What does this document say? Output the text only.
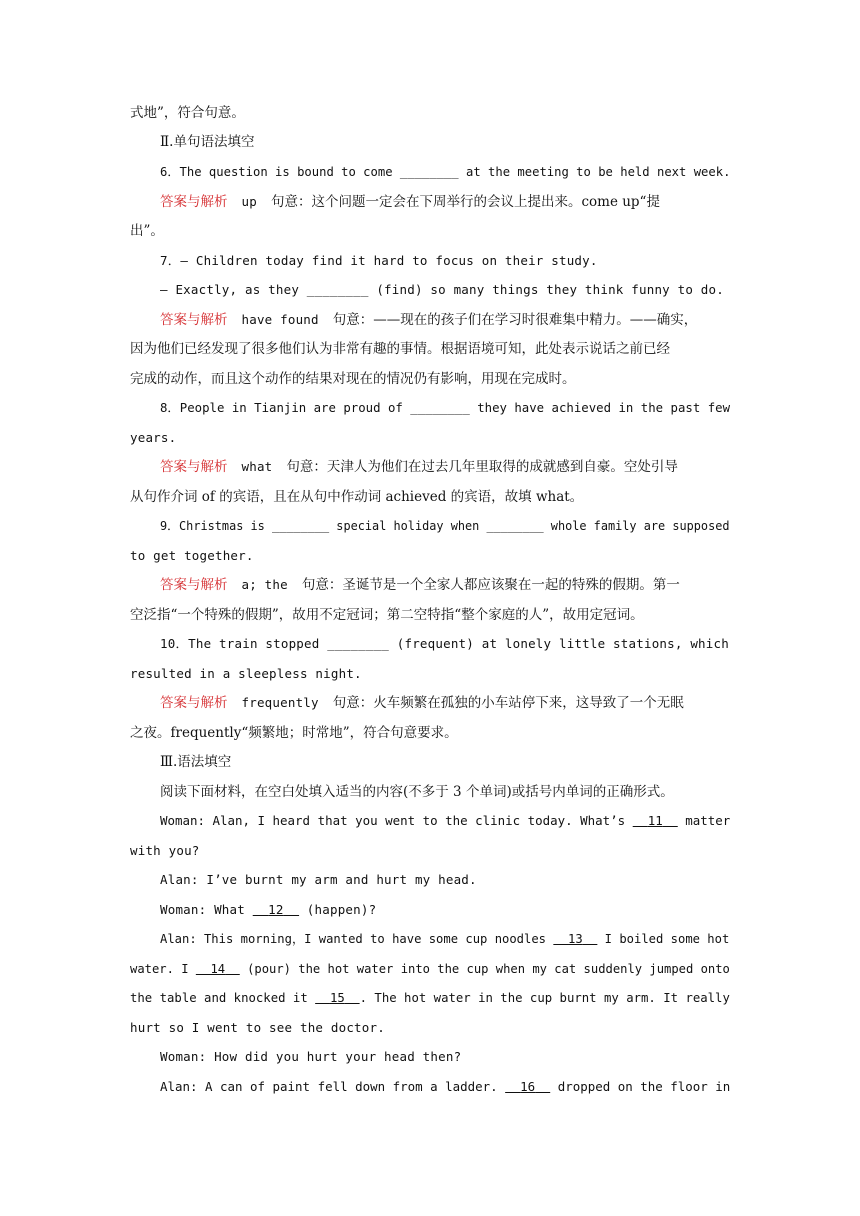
式地”，符合句意。
Ⅱ.单句语法填空
6．The question is bound to come ________ at the meeting to be held next week.
答案与解析 up 句意：这个问题一定会在下周举行的会议上提出来。come up“提
出”。
7．— Children today find it hard to focus on their study.
— Exactly, as they ________ (find) so many things they think funny to do.
答案与解析 have found 句意：——现在的孩子们在学习时很难集中精力。——确实，
因为他们已经发现了很多他们认为非常有趣的事情。根据语境可知，此处表示说话之前已经
完成的动作，而且这个动作的结果对现在的情况仍有影响，用现在完成时。
8．People in Tianjin are proud of ________ they have achieved in the past few
years.
答案与解析 what 句意：天津人为他们在过去几年里取得的成就感到自豪。空处引导
从句作介词 of 的宾语，且在从句中作动词 achieved 的宾语，故填 what。
9．Christmas is ________ special holiday when ________ whole family are supposed
to get together.
答案与解析 a; the 句意：圣诞节是一个全家人都应该聚在一起的特殊的假期。第一
空泛指“一个特殊的假期”，故用不定冠词；第二空特指“整个家庭的人”，故用定冠词。
10．The train stopped ________ (frequent) at lonely little stations, which
resulted in a sleepless night.
答案与解析 frequently 句意：火车频繁在孤独的小车站停下来，这导致了一个无眠
之夜。frequently“频繁地；时常地”，符合句意要求。
Ⅲ.语法填空
阅读下面材料，在空白处填入适当的内容(不多于 3 个单词)或括号内单词的正确形式。
Woman: Alan, I heard that you went to the clinic today. What’s   11   matter
with you?
Alan: I’ve burnt my arm and hurt my head.
Woman: What   12   (happen)?
Alan: This morning，I wanted to have some cup noodles   13   I boiled some hot
water. I   14   (pour) the hot water into the cup when my cat suddenly jumped onto
the table and knocked it   15 . The hot water in the cup burnt my arm. It really
hurt so I went to see the doctor.
Woman: How did you hurt your head then?
Alan: A can of paint fell down from a ladder.   16   dropped on the floor in
